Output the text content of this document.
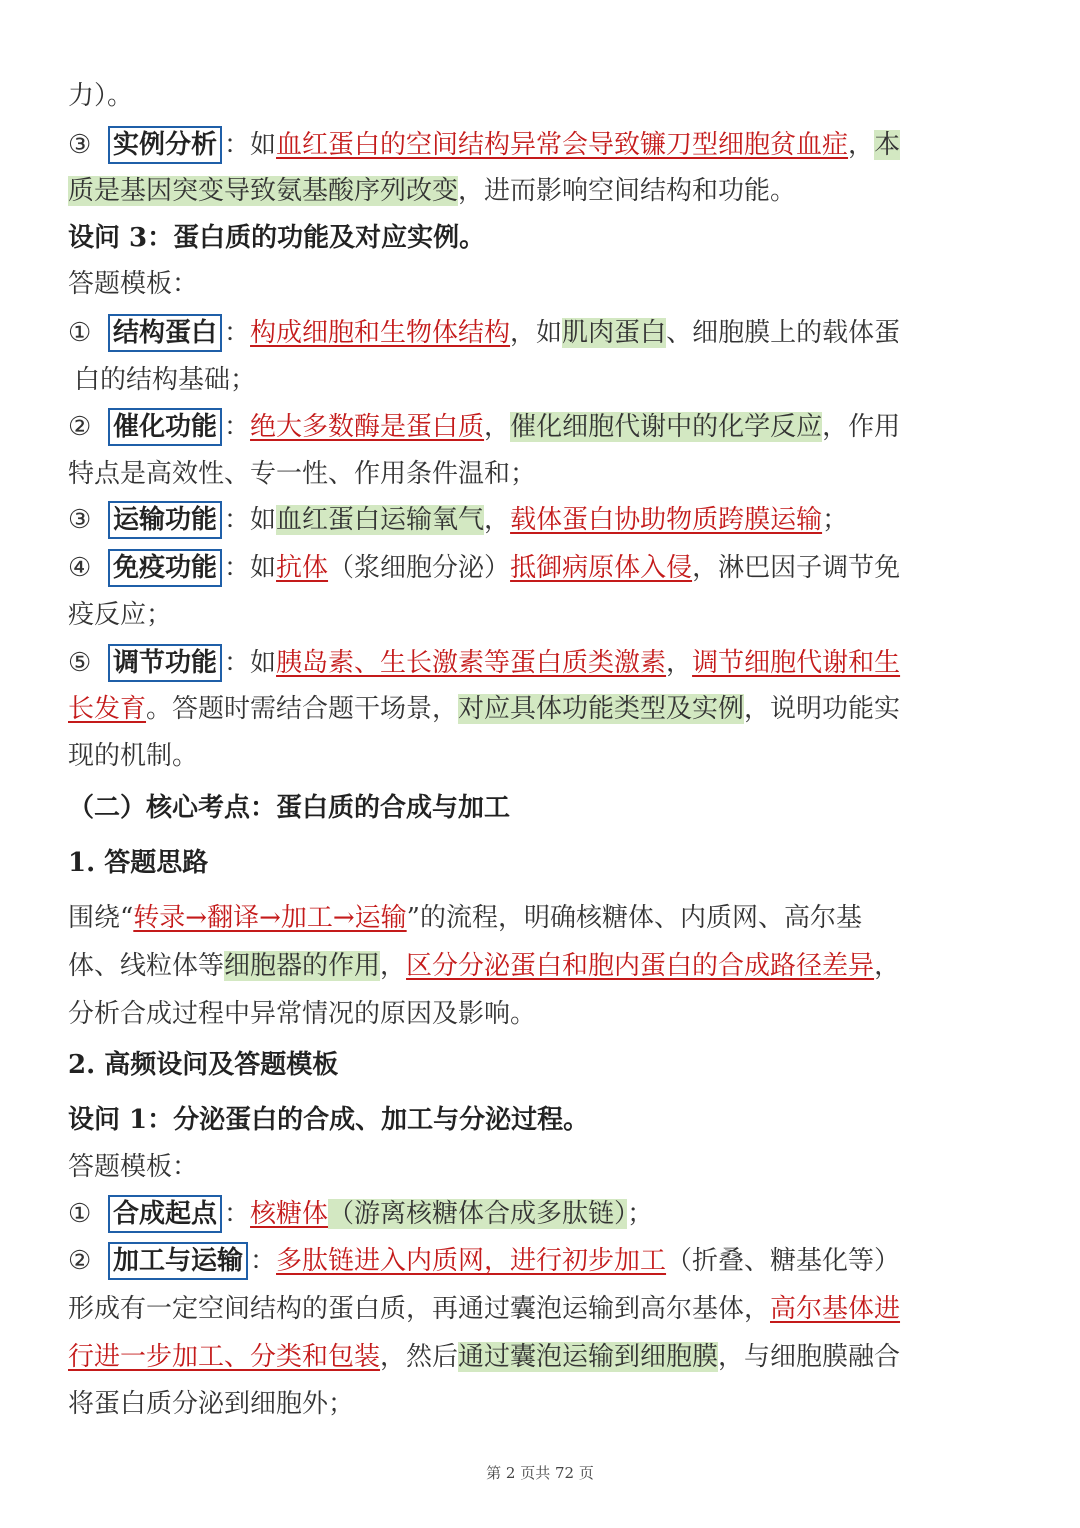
力）。
③ 实例分析 ：如血红蛋白的空间结构异常会导致镰刀型细胞贫血症，本
质是基因突变导致氨基酸序列改变，进而影响空间结构和功能。
设问 3：蛋白质的功能及对应实例。
答题模板：
① 结构蛋白 ：构成细胞和生物体结构，如肌肉蛋白、细胞膜上的载体蛋
白的结构基础；
② 催化功能 ：绝大多数酶是蛋白质，催化细胞代谢中的化学反应，作用
特点是高效性、专一性、作用条件温和；
③ 运输功能 ：如血红蛋白运输氧气，载体蛋白协助物质跨膜运输；
④ 免疫功能 ：如抗体（浆细胞分泌）抵御病原体入侵，淋巴因子调节免
疫反应；
⑤ 调节功能 ：如胰岛素、生长激素等蛋白质类激素，调节细胞代谢和生
长发育。答题时需结合题干场景，对应具体功能类型及实例，说明功能实
现的机制。
（二）核心考点：蛋白质的合成与加工
1. 答题思路
围绕“转录→翻译→加工→运输”的流程，明确核糖体、内质网、高尔基
体、线粒体等细胞器的作用，区分分泌蛋白和胞内蛋白的合成路径差异，
分析合成过程中异常情况的原因及影响。
2. 高频设问及答题模板
设问 1：分泌蛋白的合成、加工与分泌过程。
答题模板：
① 合成起点 ：核糖体（游离核糖体合成多肽链）；
② 加工与运输 ：多肽链进入内质网，进行初步加工（折叠、糖基化等）
形成有一定空间结构的蛋白质，再通过囊泡运输到高尔基体，高尔基体进
行进一步加工、分类和包装，然后通过囊泡运输到细胞膜，与细胞膜融合
将蛋白质分泌到细胞外；
第 2 页共 72 页
